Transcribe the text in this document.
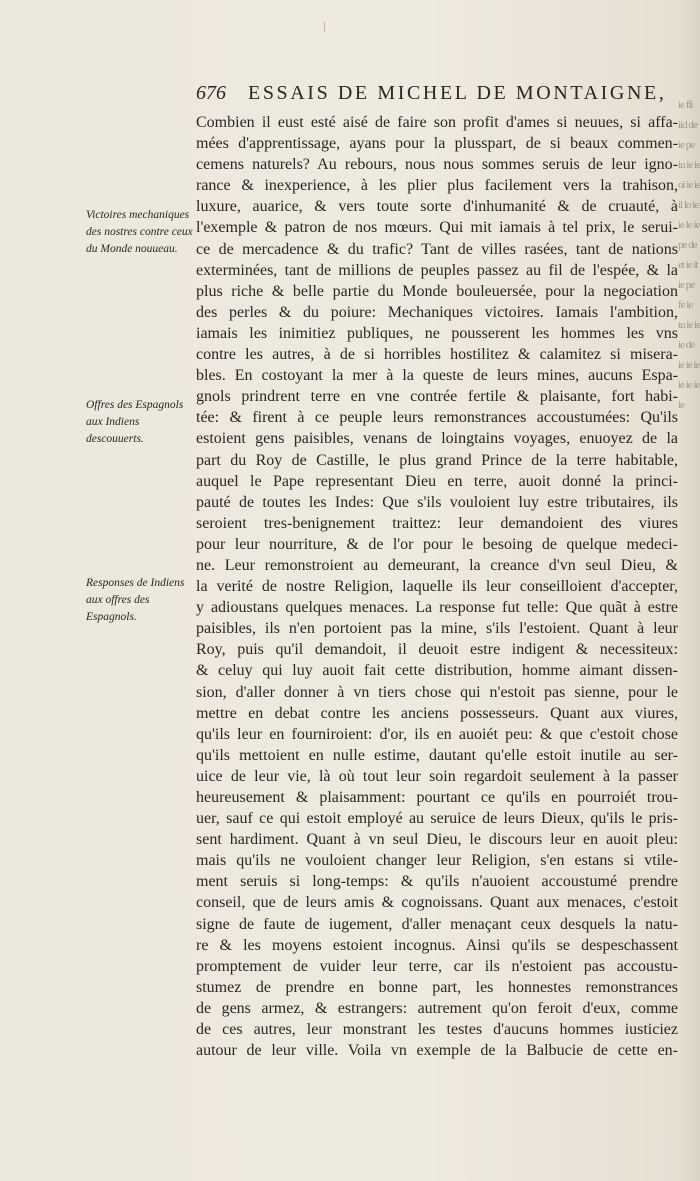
ie fli iid de ie pe iu ie ie oi ie ie il lo ie ie le ie pe de et ie it ie pe fe ie tu ie ie ie de ie ie ie ie ie ie ie
676 ESSAIS DE MICHEL DE MONTAIGNE,
Victoires mechaniques des nostres contre ceux du Monde nouueau.
Offres des Espagnols aux Indiens descouuerts.
Responses de Indiens aux offres des Espagnols.
Combien il eust esté aisé de faire son profit d'ames si neuues, si affa-
mées d'apprentissage, ayans pour la plusspart, de si beaux commen-
cemens naturels? Au rebours, nous nous sommes seruis de leur igno-
rance & inexperience, à les plier plus facilement vers la trahison,
luxure, auarice, & vers toute sorte d'inhumanité & de cruauté, à
l'exemple & patron de nos mœurs. Qui mit iamais à tel prix, le serui-
ce de mercadence & du trafic? Tant de villes rasées, tant de nations
exterminées, tant de millions de peuples passez au fil de l'espée, & la
plus riche & belle partie du Monde bouleuersée, pour la negociation
des perles & du poiure: Mechaniques victoires. Iamais l'ambition,
iamais les inimitiez publiques, ne pousserent les hommes les vns
contre les autres, à de si horribles hostilitez & calamitez si misera-
bles. En costoyant la mer à la queste de leurs mines, aucuns Espa-
gnols prindrent terre en vne contrée fertile & plaisante, fort habi-
tée: & firent à ce peuple leurs remonstrances accoustumées: Qu'ils
estoient gens paisibles, venans de loingtains voyages, enuoyez de la
part du Roy de Castille, le plus grand Prince de la terre habitable,
auquel le Pape representant Dieu en terre, auoit donné la princi-
pauté de toutes les Indes: Que s'ils vouloient luy estre tributaires, ils
seroient tres-benignement traittez: leur demandoient des viures
pour leur nourriture, & de l'or pour le besoing de quelque medeci-
ne. Leur remonstroient au demeurant, la creance d'vn seul Dieu, &
la verité de nostre Religion, laquelle ils leur conseilloient d'accepter,
y adioustans quelques menaces. La response fut telle: Que quãt à estre
paisibles, ils n'en portoient pas la mine, s'ils l'estoient. Quant à leur
Roy, puis qu'il demandoit, il deuoit estre indigent & necessiteux:
& celuy qui luy auoit fait cette distribution, homme aimant dissen-
sion, d'aller donner à vn tiers chose qui n'estoit pas sienne, pour le
mettre en debat contre les anciens possesseurs. Quant aux viures,
qu'ils leur en fourniroient: d'or, ils en auoiét peu: & que c'estoit chose
qu'ils mettoient en nulle estime, dautant qu'elle estoit inutile au ser-
uice de leur vie, là où tout leur soin regardoit seulement à la passer
heureusement & plaisamment: pourtant ce qu'ils en pourroiét trou-
uer, sauf ce qui estoit employé au seruice de leurs Dieux, qu'ils le pris-
sent hardiment. Quant à vn seul Dieu, le discours leur en auoit pleu:
mais qu'ils ne vouloient changer leur Religion, s'en estans si vtile-
ment seruis si long-temps: & qu'ils n'auoient accoustumé prendre
conseil, que de leurs amis & cognoissans. Quant aux menaces, c'estoit
signe de faute de iugement, d'aller menaçant ceux desquels la natu-
re & les moyens estoient incognus. Ainsi qu'ils se despeschassent
promptement de vuider leur terre, car ils n'estoient pas accoustu-
stumez de prendre en bonne part, les honnestes remonstrances
de gens armez, & estrangers: autrement qu'on feroit d'eux, comme
de ces autres, leur monstrant les testes d'aucuns hommes iusticiez
autour de leur ville. Voila vn exemple de la Balbucie de cette en-
